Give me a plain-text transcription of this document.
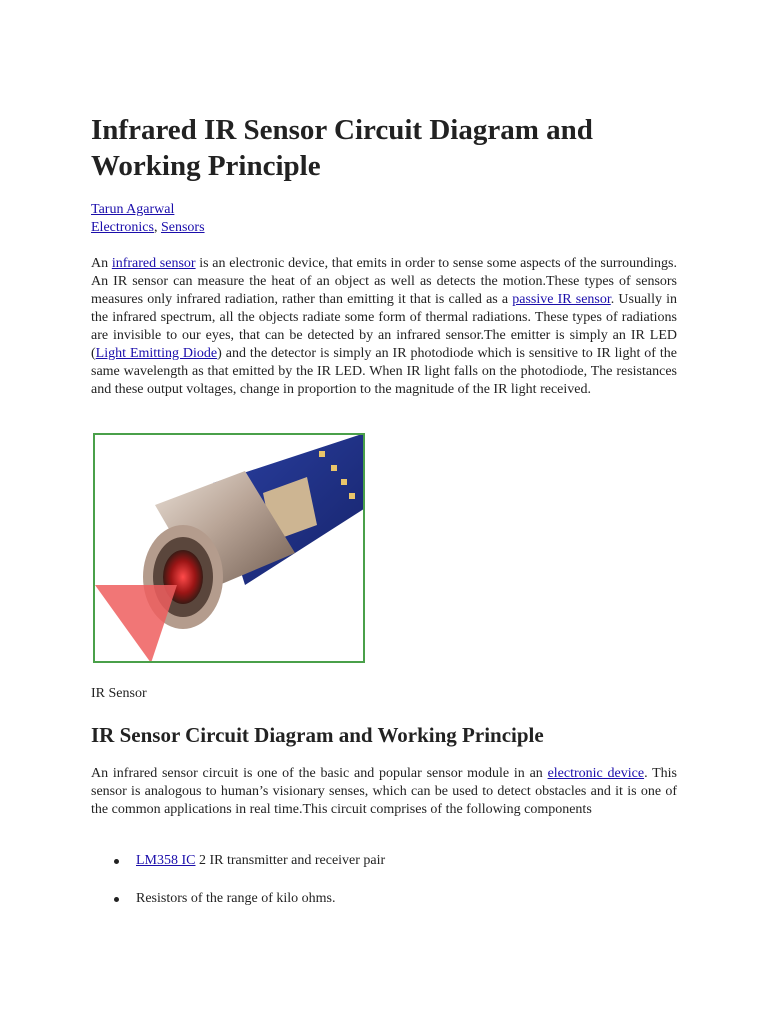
Infrared IR Sensor Circuit Diagram and Working Principle
Tarun Agarwal
Electronics, Sensors

An infrared sensor is an electronic device, that emits in order to sense some aspects of the surroundings. An IR sensor can measure the heat of an object as well as detects the motion.These types of sensors measures only infrared radiation, rather than emitting it that is called as a passive IR sensor. Usually in the infrared spectrum, all the objects radiate some form of thermal radiations. These types of radiations are invisible to our eyes, that can be detected by an infrared sensor.The emitter is simply an IR LED (Light Emitting Diode) and the detector is simply an IR photodiode which is sensitive to IR light of the same wavelength as that emitted by the IR LED. When IR light falls on the photodiode, The resistances and these output voltages, change in proportion to the magnitude of the IR light received.

IR Sensor
IR Sensor Circuit Diagram and Working Principle

An infrared sensor circuit is one of the basic and popular sensor module in an electronic device. This sensor is analogous to human’s visionary senses, which can be used to detect obstacles and it is one of the common applications in real time.This circuit comprises of the following components

LM358 IC 2 IR transmitter and receiver pair
Resistors of the range of kilo ohms.
